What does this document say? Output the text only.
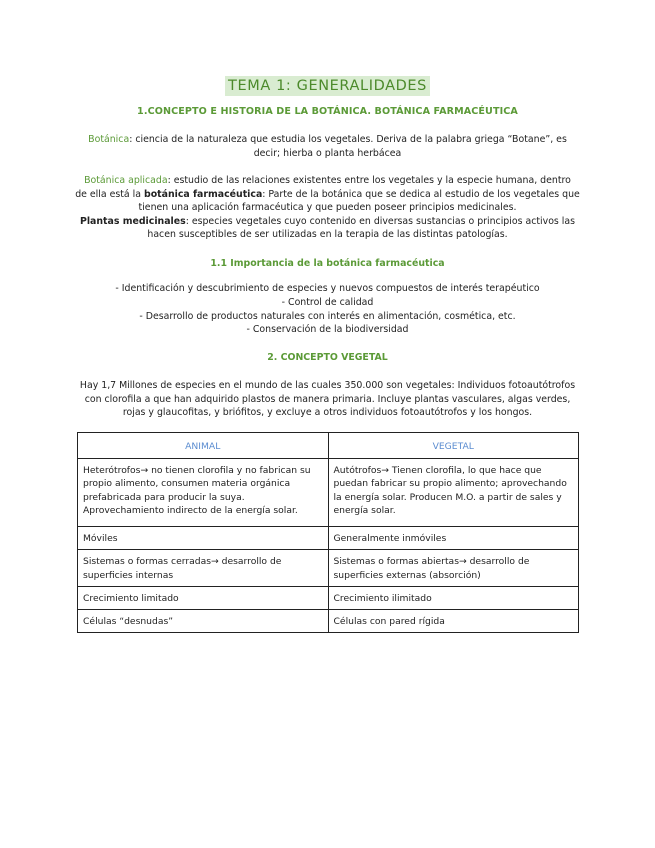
TEMA 1: GENERALIDADES
1.CONCEPTO E HISTORIA DE LA BOTÁNICA. BOTÁNICA FARMACÉUTICA
Botánica: ciencia de la naturaleza que estudia los vegetales. Deriva de la palabra griega “Botane”, es
decir; hierba o planta herbácea
Botánica aplicada: estudio de las relaciones existentes entre los vegetales y la especie humana, dentro
de ella está la botánica farmacéutica: Parte de la botánica que se dedica al estudio de los vegetales que
tienen una aplicación farmacéutica y que pueden poseer principios medicinales.
Plantas medicinales: especies vegetales cuyo contenido en diversas sustancias o principios activos las
hacen susceptibles de ser utilizadas en la terapia de las distintas patologías.
1.1 Importancia de la botánica farmacéutica
- Identificación y descubrimiento de especies y nuevos compuestos de interés terapéutico
- Control de calidad
- Desarrollo de productos naturales con interés en alimentación, cosmética, etc.
- Conservación de la biodiversidad
2. CONCEPTO VEGETAL
Hay 1,7 Millones de especies en el mundo de las cuales 350.000 son vegetales: Individuos fotoautótrofos
con clorofila a que han adquirido plastos de manera primaria. Incluye plantas vasculares, algas verdes,
rojas y glaucofitas, y briófitos, y excluye a otros individuos fotoautótrofos y los hongos.
ANIMAL	VEGETAL
Heterótrofos→ no tienen clorofila y no fabrican su propio alimento, consumen materia orgánica prefabricada para producir la suya. Aprovechamiento indirecto de la energía solar.	Autótrofos→ Tienen clorofila, lo que hace que puedan fabricar su propio alimento; aprovechando la energía solar. Producen M.O. a partir de sales y energía solar.
Móviles	Generalmente inmóviles
Sistemas o formas cerradas→ desarrollo de superficies internas	Sistemas o formas abiertas→ desarrollo de superficies externas (absorción)
Crecimiento limitado	Crecimiento ilimitado
Células “desnudas”	Células con pared rígida
